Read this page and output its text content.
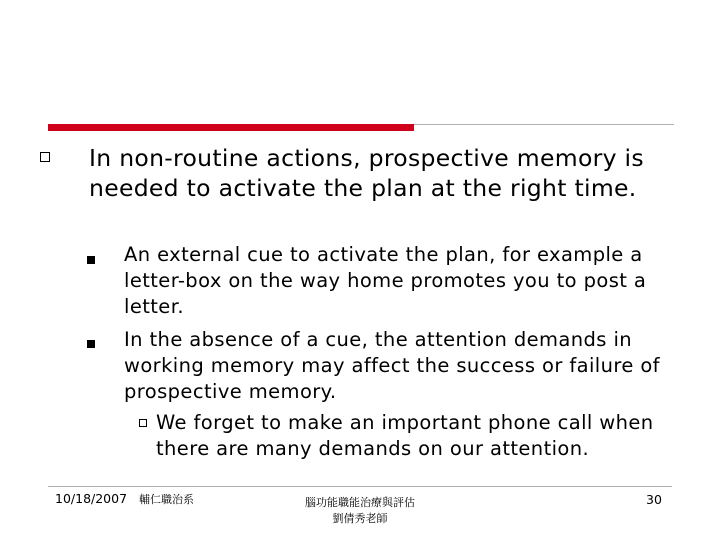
In non-routine actions, prospective memory is needed to activate the plan at the right time.
An external cue to activate the plan, for example a letter-box on the way home promotes you to post a letter.
In the absence of a cue, the attention demands in working memory may affect the success or failure of prospective memory.
We forget to make an important phone call when there are many demands on our attention.
10/18/2007 輔仁職治系	腦功能職能治療與評估
劉倩秀老師
30
